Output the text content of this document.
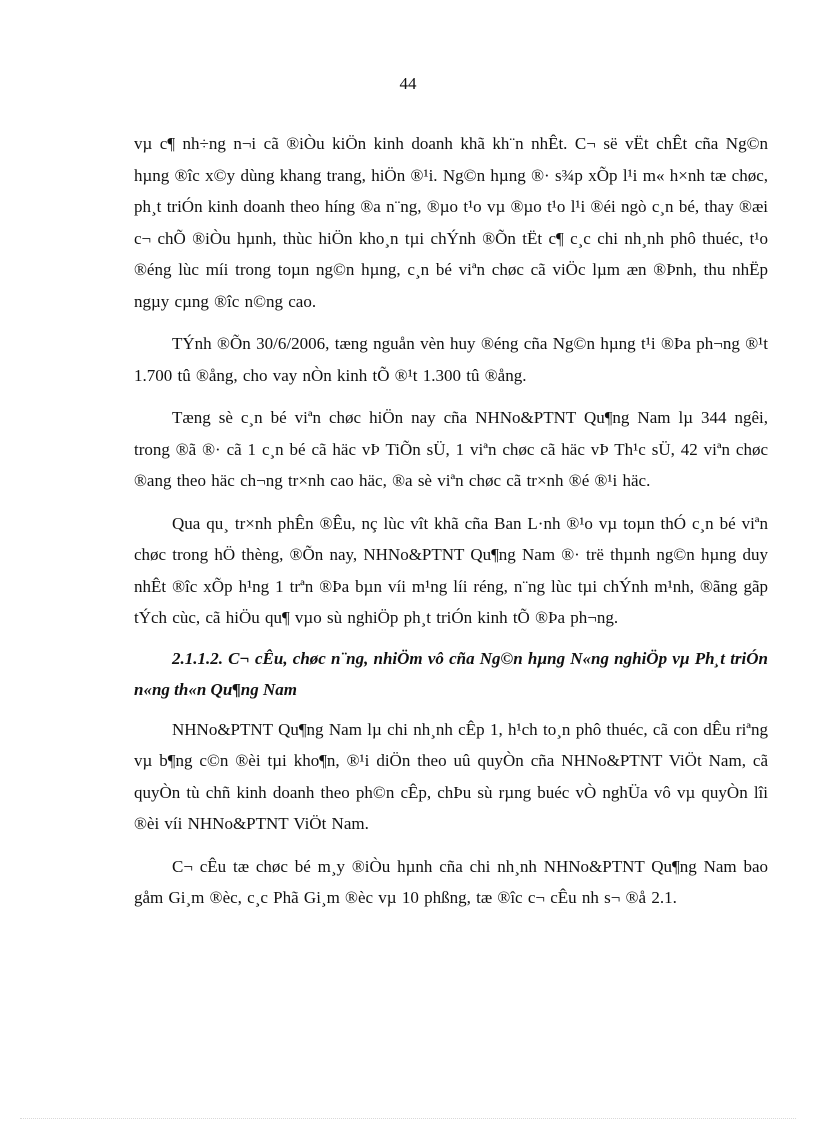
44

vµ c¶ nh÷ng n¬i cã ®iÒu kiÖn kinh doanh khã kh¨n nhÊt. C¬ së vËt chÊt cña Ng©n hµng ®îc x©y dùng khang trang, hiÖn ®¹i. Ng©n hµng ®· s¾p xÕp l¹i m« h×nh tæ chøc, ph¸t triÓn kinh doanh theo híng ®a n¨ng, ®µo t¹o vµ ®µo t¹o l¹i ®éi ngò c¸n bé, thay ®æi c¬ chÕ ®iÒu hµnh, thùc hiÖn kho¸n tµi chÝnh ®Õn tËt c¶ c¸c chi nh¸nh phô thuéc, t¹o ®éng lùc míi trong toµn ng©n hµng, c¸n bé viªn chøc cã viÖc lµm æn ®Þnh, thu nhËp ngµy cµng ®îc n©ng cao.

TÝnh ®Õn 30/6/2006, tæng nguån vèn huy ®éng cña Ng©n hµng t¹i ®Þa ph¬ng ®¹t 1.700 tû ®ång, cho vay nÒn kinh tÕ ®¹t 1.300 tû ®ång.

Tæng sè c¸n bé viªn chøc hiÖn nay cña NHNo&PTNT Qu¶ng Nam lµ 344 ngêi, trong ®ã ®· cã 1 c¸n bé cã häc vÞ TiÕn sÜ, 1 viªn chøc cã häc vÞ Th¹c sÜ, 42 viªn chøc ®ang theo häc ch¬ng tr×nh cao häc, ®a sè viªn chøc cã tr×nh ®é ®¹i häc.

Qua qu¸ tr×nh phÊn ®Êu, nç lùc vît khã cña Ban L·nh ®¹o vµ toµn thÓ c¸n bé viªn chøc trong hÖ thèng, ®Õn nay, NHNo&PTNT Qu¶ng Nam ®· trë thµnh ng©n hµng duy nhÊt ®îc xÕp h¹ng 1 trªn ®Þa bµn víi m¹ng líi réng, n¨ng lùc tµi chÝnh m¹nh, ®ãng gãp tÝch cùc, cã hiÖu qu¶ vµo sù nghiÖp ph¸t triÓn kinh tÕ ®Þa ph¬ng.

2.1.1.2. C¬ cÊu, chøc n¨ng, nhiÖm vô cña Ng©n hµng N«ng nghiÖp vµ Ph¸t triÓn n«ng th«n Qu¶ng Nam

NHNo&PTNT Qu¶ng Nam lµ chi nh¸nh cÊp 1, h¹ch to¸n phô thuéc, cã con dÊu riªng vµ b¶ng c©n ®èi tµi kho¶n, ®¹i diÖn theo uû quyÒn cña NHNo&PTNT ViÖt Nam, cã quyÒn tù chñ kinh doanh theo ph©n cÊp, chÞu sù rµng buéc vÒ nghÜa vô vµ quyÒn lîi ®èi víi NHNo&PTNT ViÖt Nam.

C¬ cÊu tæ chøc bé m¸y ®iÒu hµnh cña chi nh¸nh NHNo&PTNT Qu¶ng Nam bao gåm Gi¸m ®èc, c¸c Phã Gi¸m ®èc vµ 10 phßng, tæ ®îc c¬ cÊu nh s¬ ®å 2.1.
